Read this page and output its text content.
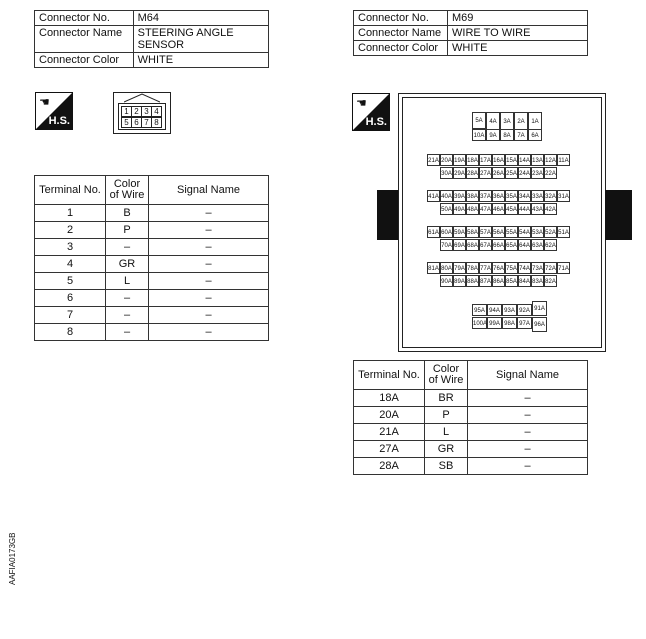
Connector No.	M64
Connector Name	STEERING ANGLE SENSOR
Connector Color	WHITE
☚
H.S.
1 2 3 4
5 6 7 8
Terminal No.	Color of Wire	Signal Name
1	B	–
2	P	–
3	–	–
4	GR	–
5	L	–
6	–	–
7	–	–
8	–	–
Connector No.	M69
Connector Name	WIRE TO WIRE
Connector Color	WHITE
☚
H.S.	5A	4A	3A	2A	1A
10A 9A	8A	7A	6A
21A 20A 19A 18A 17A 16A 15A 14A 13A 12A 11A
30A 29A 28A 27A 26A 25A 24A 23A 22A
41A 40A 39A 38A 37A 36A 35A 34A 33A 32A 31A
50A 49A 48A 47A 46A 45A 44A 43A 42A
61A 60A 59A 58A 57A 56A 55A 54A 53A 52A 51A
70A 69A 68A 67A 66A 65A 64A 63A 62A
81A 80A 79A 78A 77A 76A 75A 74A 73A 72A 71A
90A 89A 88A 87A 86A 85A 84A 83A 82A
95A 94A 93A 92A 91A
100A 99A 98A 97A 96A
Terminal No.	Color of Wire	Signal Name
18A	BR	–
20A	P	–
21A	L	–
27A	GR	–
28A	SB	–
AAFIA0173GB
